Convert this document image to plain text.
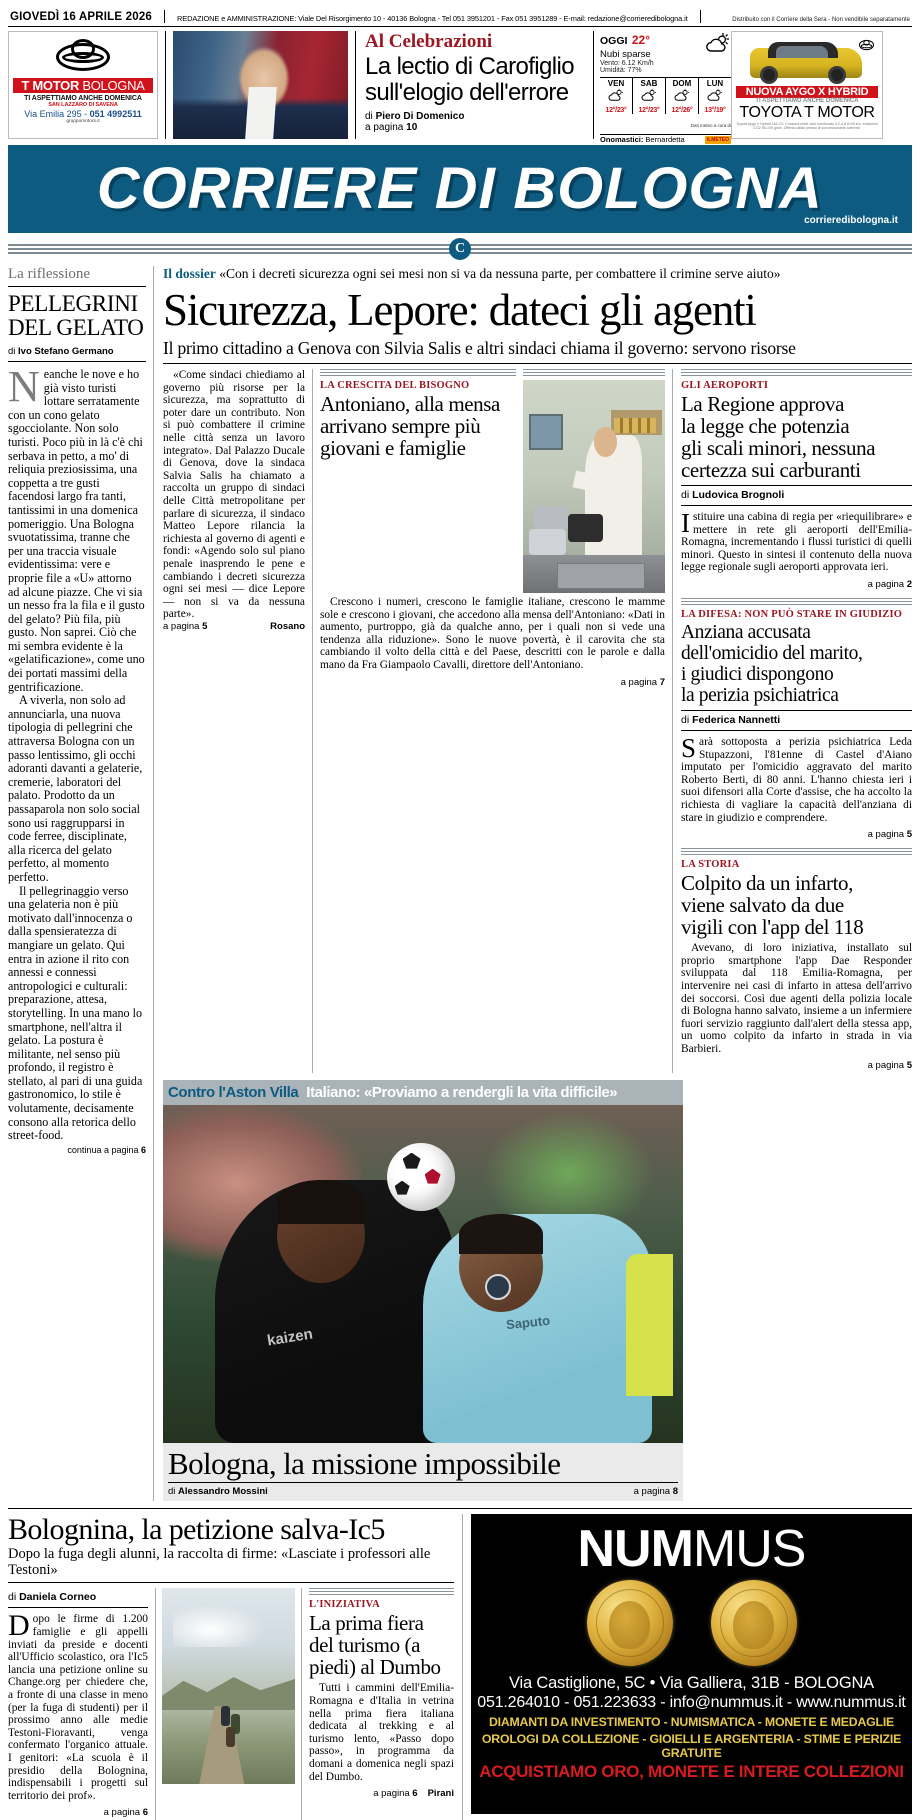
GIOVEDÌ 16 APRILE 2026	REDAZIONE e AMMINISTRAZIONE: Viale Del Risorgimento 10 - 40136 Bologna - Tel 051 3951201 - Fax 051 3951289 - E-mail: redazione@corrieredibologna.it	Distribuito con il Corriere della Sera - Non vendibile separatamente
T MOTOR BOLOGNA
TI ASPETTIAMO ANCHE DOMENICA
SAN LAZZARO DI SAVENA
Via Emilia 295 - 051 4992511
gruppomotors.it
Al Celebrazioni
La lectio di Carofiglio
sull'elogio dell'errore
di Piero Di Domenico
a pagina 10
OGGI 22°
Nubi sparse
Vento: 6.12 Km/h
Umidità: 77%
VEN
12°/23°
SAB
12°/23°
DOM
12°/26°
LUN
13°/19°
Dati meteo a cura di
Onomastici: Bernardetta	iLMETEO
NUOVA AYGO X HYBRID
TI ASPETTIAMO ANCHE DOMENICA
TOYOTA T MOTOR
Toyota Aygo X Hybrid 116 CV. Consumi medi ciclo combinato 4,2-4,8 l/100 km, emissioni CO2 96-109 g/km. Offerta valida presso le concessionarie aderenti.
CORRIERE DI BOLOGNA
corrieredibologna.it
C
La riflessione
PELLEGRINI
DEL GELATO
di Ivo Stefano Germano
N eanche le nove e ho già visto turisti lottare serratamente con un cono gelato sgocciolante. Non solo turisti. Poco più in là c'è chi serbava in petto, a mo' di reliquia preziosissima, una coppetta a tre gusti facendosi largo fra tanti, tantissimi in una domenica pomeriggio. Una Bologna svuotatissima, tranne che per una traccia visuale evidentissima: vere e proprie file a «U» attorno ad alcune piazze. Che vi sia un nesso fra la fila e il gusto del gelato? Più fila, più gusto. Non saprei. Ciò che mi sembra evidente è la «gelatificazione», come uno dei portati massimi della gentrificazione.

A viverla, non solo ad annunciarla, una nuova tipologia di pellegrini che attraversa Bologna con un passo lentissimo, gli occhi adoranti davanti a gelaterie, cremerie, laboratori del palato. Prodotto da un passaparola non solo social sono usi raggrupparsi in code ferree, disciplinate, alla ricerca del gelato perfetto, al momento perfetto.

Il pellegrinaggio verso una gelateria non è più motivato dall'innocenza o dalla spensieratezza di mangiare un gelato. Qui entra in azione il rito con annessi e connessi antropologici e culturali: preparazione, attesa, storytelling. In una mano lo smartphone, nell'altra il gelato. La postura è militante, nel senso più profondo, il registro è stellato, al pari di una guida gastronomico, lo stile è volutamente, decisamente consono alla retorica dello street-food.

continua a pagina 6
Il dossier «Con i decreti sicurezza ogni sei mesi non si va da nessuna parte, per combattere il crimine serve aiuto»
Sicurezza, Lepore: dateci gli agenti
Il primo cittadino a Genova con Silvia Salis e altri sindaci chiama il governo: servono risorse

«Come sindaci chiediamo al governo più risorse per la sicurezza, ma soprattutto di poter dare un contributo. Non si può combattere il crimine nelle città senza un lavoro integrato». Dal Palazzo Ducale di Genova, dove la sindaca Salvia Salis ha chiamato a raccolta un gruppo di sindaci delle Città metropolitane per parlare di sicurezza, il sindaco Matteo Lepore rilancia la richiesta al governo di agenti e fondi: «Agendo solo sul piano penale inasprendo le pene e cambiando i decreti sicurezza ogni sei mesi — dice Lepore — non si va da nessuna parte».

a pagina 5	Rosano
LA CRESCITA DEL BISOGNO
Antoniano, alla mensa
arrivano sempre più
giovani e famiglie

Crescono i numeri, crescono le famiglie italiane, crescono le mamme sole e crescono i giovani, che accedono alla mensa dell'Antoniano: «Dati in aumento, purtroppo, già da qualche anno, per i quali non si vede una tendenza alla riduzione». Sono le nuove povertà, è il carovita che sta cambiando il volto della città e del Paese, descritti con le parole e dalla mano da Fra Giampaolo Cavalli, direttore dell'Antoniano.

a pagina 7
GLI AEROPORTI
La Regione approva
la legge che potenzia
gli scali minori, nessuna
certezza sui carburanti
di Ludovica Brognoli
I stituire una cabina di regia per «riequilibrare» e mettere in rete gli aeroporti dell'Emilia-Romagna, incrementando i flussi turistici di quelli minori. Questo in sintesi il contenuto della nuova legge regionale sugli aeroporti approvata ieri.

a pagina 2
LA DIFESA: NON PUÒ STARE IN GIUDIZIO
Anziana accusata
dell'omicidio del marito,
i giudici dispongono
la perizia psichiatrica
di Federica Nannetti
S arà sottoposta a perizia psichiatrica Leda Stupazzoni, l'81enne di Castel d'Aiano imputato per l'omicidio aggravato del marito Roberto Berti, di 80 anni. L'hanno chiesta ieri i suoi difensori alla Corte d'assise, che ha accolto la richiesta di vagliare la capacità dell'anziana di stare in giudizio e comprendere.

a pagina 5
LA STORIA
Colpito da un infarto,
viene salvato da due
vigili con l'app del 118

Avevano, di loro iniziativa, installato sul proprio smartphone l'app Dae Responder sviluppata dal 118 Emilia-Romagna, per intervenire nei casi di infarto in attesa dell'arrivo dei soccorsi. Così due agenti della polizia locale di Bologna hanno salvato, insieme a un infermiere fuori servizio raggiunto dall'alert della stessa app, un uomo colpito da infarto in strada in via Barbieri.

a pagina 5
Contro l'Aston Villa Italiano: «Proviamo a rendergli la vita difficile»
kaizen
Saputo
Bologna, la missione impossibile
di Alessandro Mossini	a pagina 8
Bolognina, la petizione salva-Ic5
Dopo la fuga degli alunni, la raccolta di firme: «Lasciate i professori alle Testoni»
di Daniela Corneo
D opo le firme di 1.200 famiglie e gli appelli inviati da preside e docenti all'Ufficio scolastico, ora l'Ic5 lancia una petizione online su Change.org per chiedere che, a fronte di una classe in meno (per la fuga di studenti) per il prossimo anno alle medie Testoni-Fioravanti, venga confermato l'organico attuale. I genitori: «La scuola è il presidio della Bolognina, indispensabili i progetti sul territorio dei prof».

a pagina 6
L'INIZIATIVA
La prima fiera
del turismo (a
piedi) al Dumbo

Tutti i cammini dell'Emilia-Romagna e d'Italia in vetrina nella prima fiera italiana dedicata al trekking e al turismo lento, «Passo dopo passo», in programma da domani a domenica negli spazi del Dumbo.

a pagina 6 Pirani
NUMMUS
Via Castiglione, 5C • Via Galliera, 31B - BOLOGNA
051.264010 - 051.223633 - info@nummus.it - www.nummus.it
DIAMANTI DA INVESTIMENTO - NUMISMATICA - MONETE E MEDAGLIE
OROLOGI DA COLLEZIONE - GIOIELLI E ARGENTERIA - STIME E PERIZIE GRATUITE
ACQUISTIAMO ORO, MONETE E INTERE COLLEZIONI
